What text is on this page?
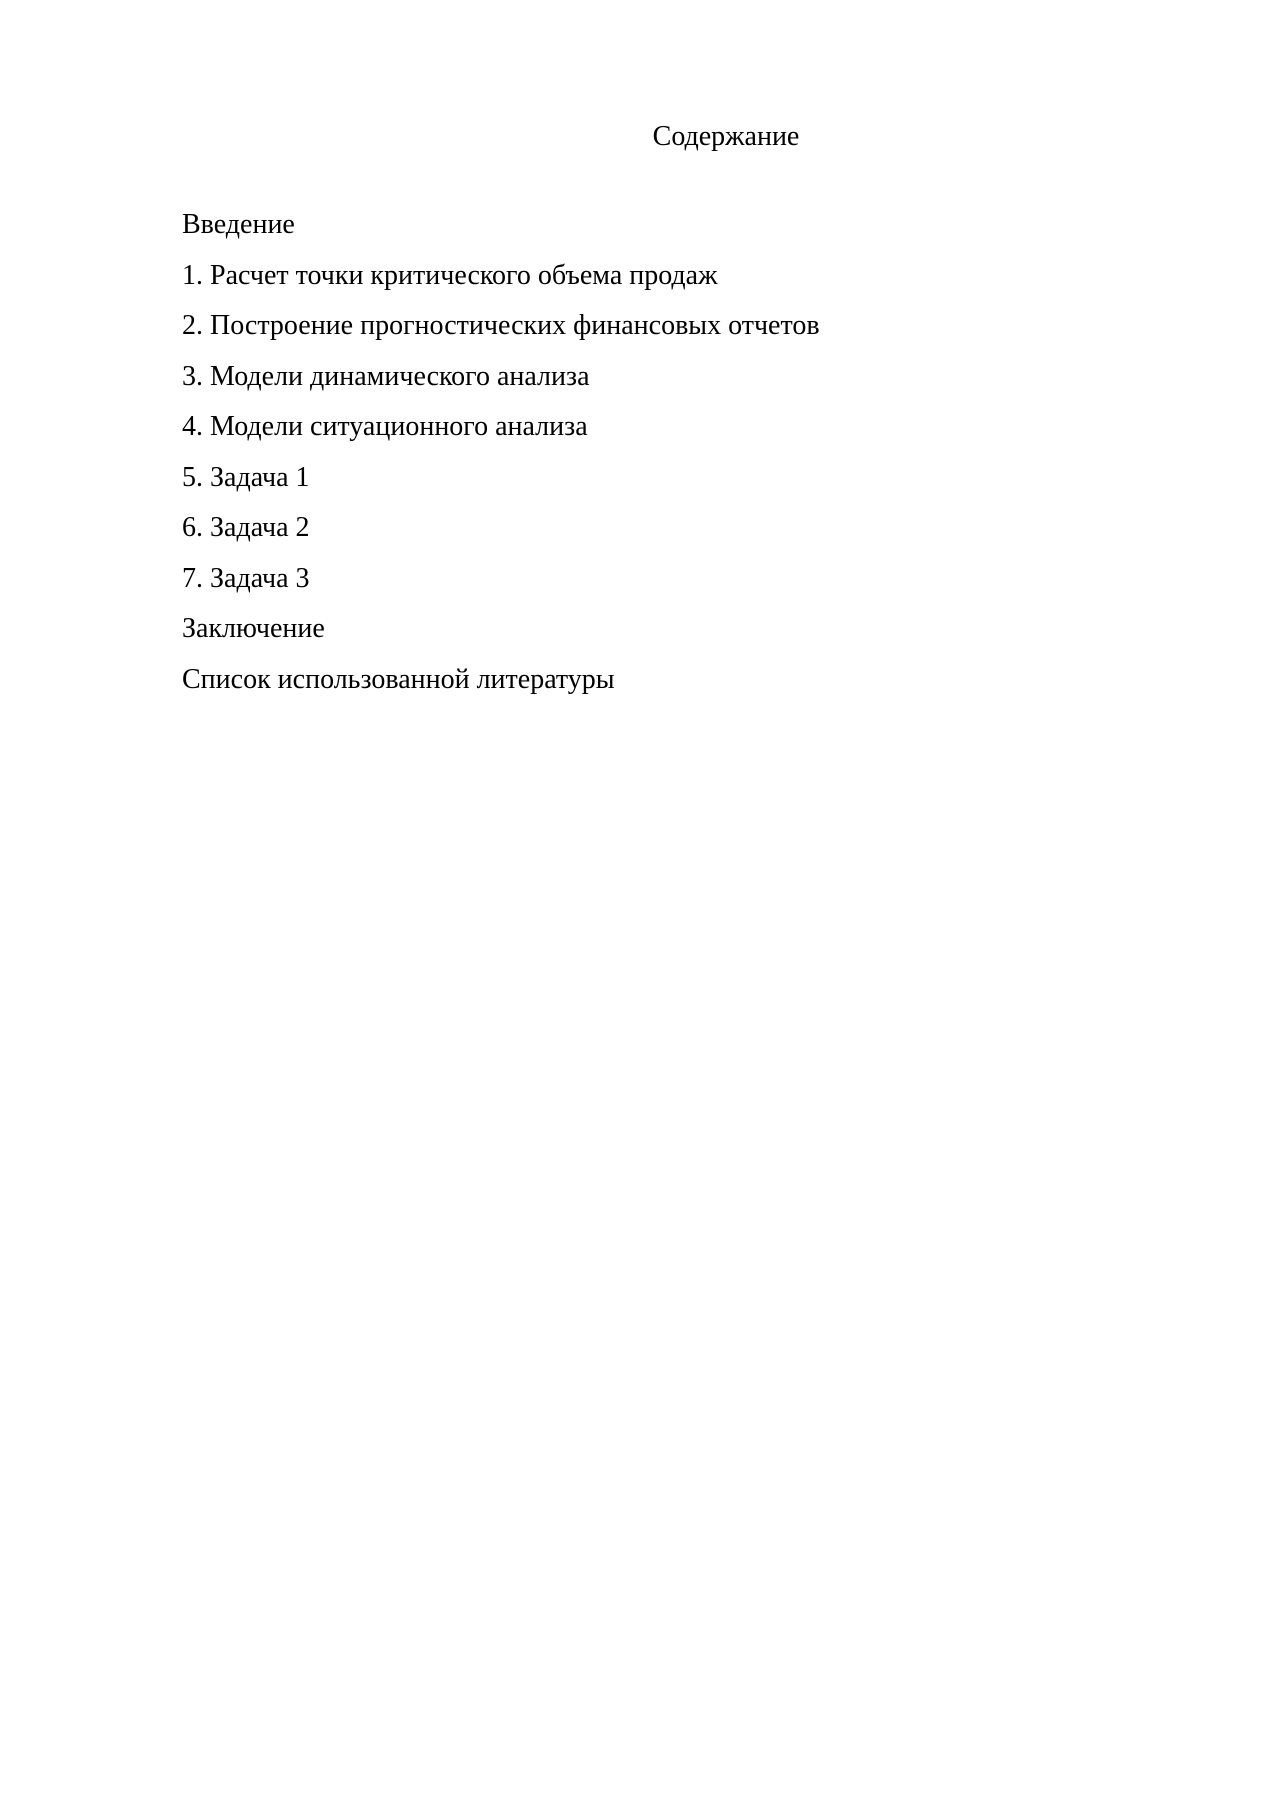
Содержание
Введение
1. Расчет точки критического объема продаж
2. Построение прогностических финансовых отчетов
3. Модели динамического анализа
4. Модели ситуационного анализа
5. Задача 1
6. Задача 2
7. Задача 3
Заключение
Список использованной литературы
